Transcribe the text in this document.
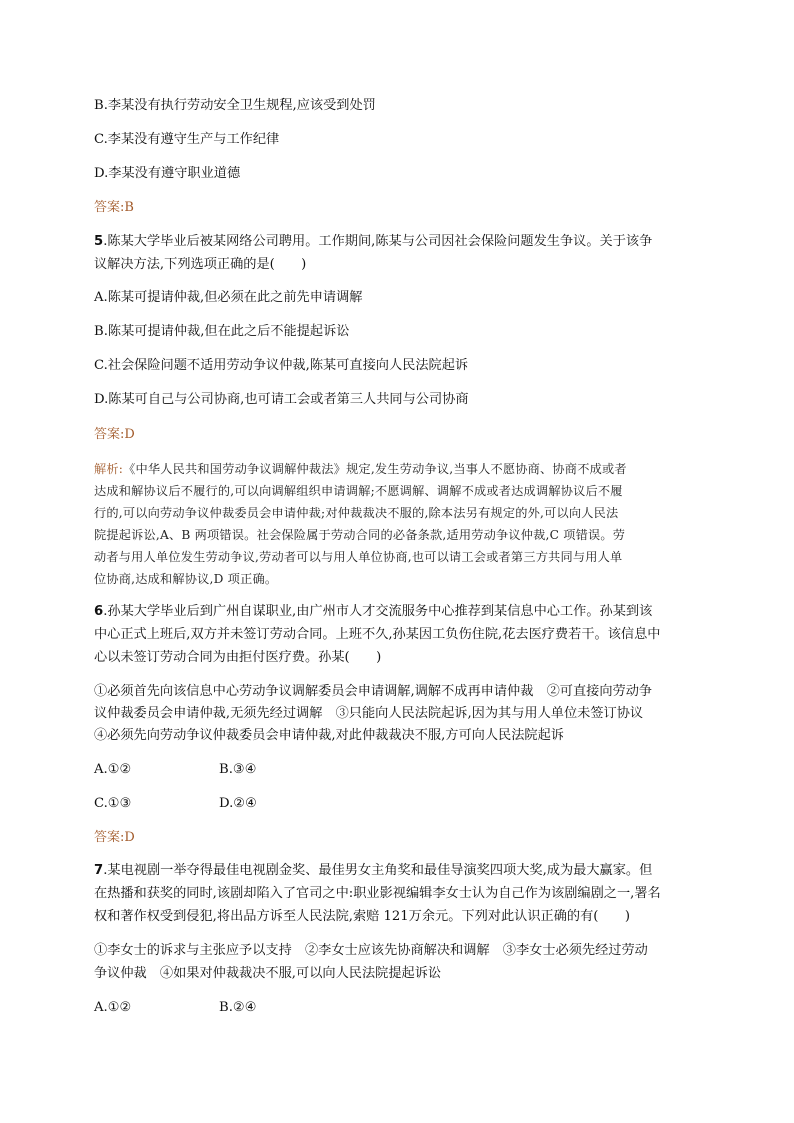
B.李某没有执行劳动安全卫生规程,应该受到处罚
C.李某没有遵守生产与工作纪律
D.李某没有遵守职业道德
答案:B
5.陈某大学毕业后被某网络公司聘用。工作期间,陈某与公司因社会保险问题发生争议。关于该争
议解决方法,下列选项正确的是(　　)
A.陈某可提请仲裁,但必须在此之前先申请调解
B.陈某可提请仲裁,但在此之后不能提起诉讼
C.社会保险问题不适用劳动争议仲裁,陈某可直接向人民法院起诉
D.陈某可自己与公司协商,也可请工会或者第三人共同与公司协商
答案:D
解析:《中华人民共和国劳动争议调解仲裁法》规定,发生劳动争议,当事人不愿协商、协商不成或者
达成和解协议后不履行的,可以向调解组织申请调解;不愿调解、调解不成或者达成调解协议后不履
行的,可以向劳动争议仲裁委员会申请仲裁;对仲裁裁决不服的,除本法另有规定的外,可以向人民法
院提起诉讼,A、B 两项错误。社会保险属于劳动合同的必备条款,适用劳动争议仲裁,C 项错误。劳
动者与用人单位发生劳动争议,劳动者可以与用人单位协商,也可以请工会或者第三方共同与用人单
位协商,达成和解协议,D 项正确。
6.孙某大学毕业后到广州自谋职业,由广州市人才交流服务中心推荐到某信息中心工作。孙某到该
中心正式上班后,双方并未签订劳动合同。上班不久,孙某因工负伤住院,花去医疗费若干。该信息中
心以未签订劳动合同为由拒付医疗费。孙某(　　)
①必须首先向该信息中心劳动争议调解委员会申请调解,调解不成再申请仲裁　②可直接向劳动争
议仲裁委员会申请仲裁,无须先经过调解　③只能向人民法院起诉,因为其与用人单位未签订协议
④必须先向劳动争议仲裁委员会申请仲裁,对此仲裁裁决不服,方可向人民法院起诉
A.①②	B.③④
C.①③	D.②④
答案:D
7.某电视剧一举夺得最佳电视剧金奖、最佳男女主角奖和最佳导演奖四项大奖,成为最大赢家。但
在热播和获奖的同时,该剧却陷入了官司之中:职业影视编辑李女士认为自己作为该剧编剧之一,署名
权和著作权受到侵犯,将出品方诉至人民法院,索赔 121万余元。下列对此认识正确的有(　　)
①李女士的诉求与主张应予以支持　②李女士应该先协商解决和调解　③李女士必须先经过劳动
争议仲裁　④如果对仲裁裁决不服,可以向人民法院提起诉讼
A.①②	B.②④
